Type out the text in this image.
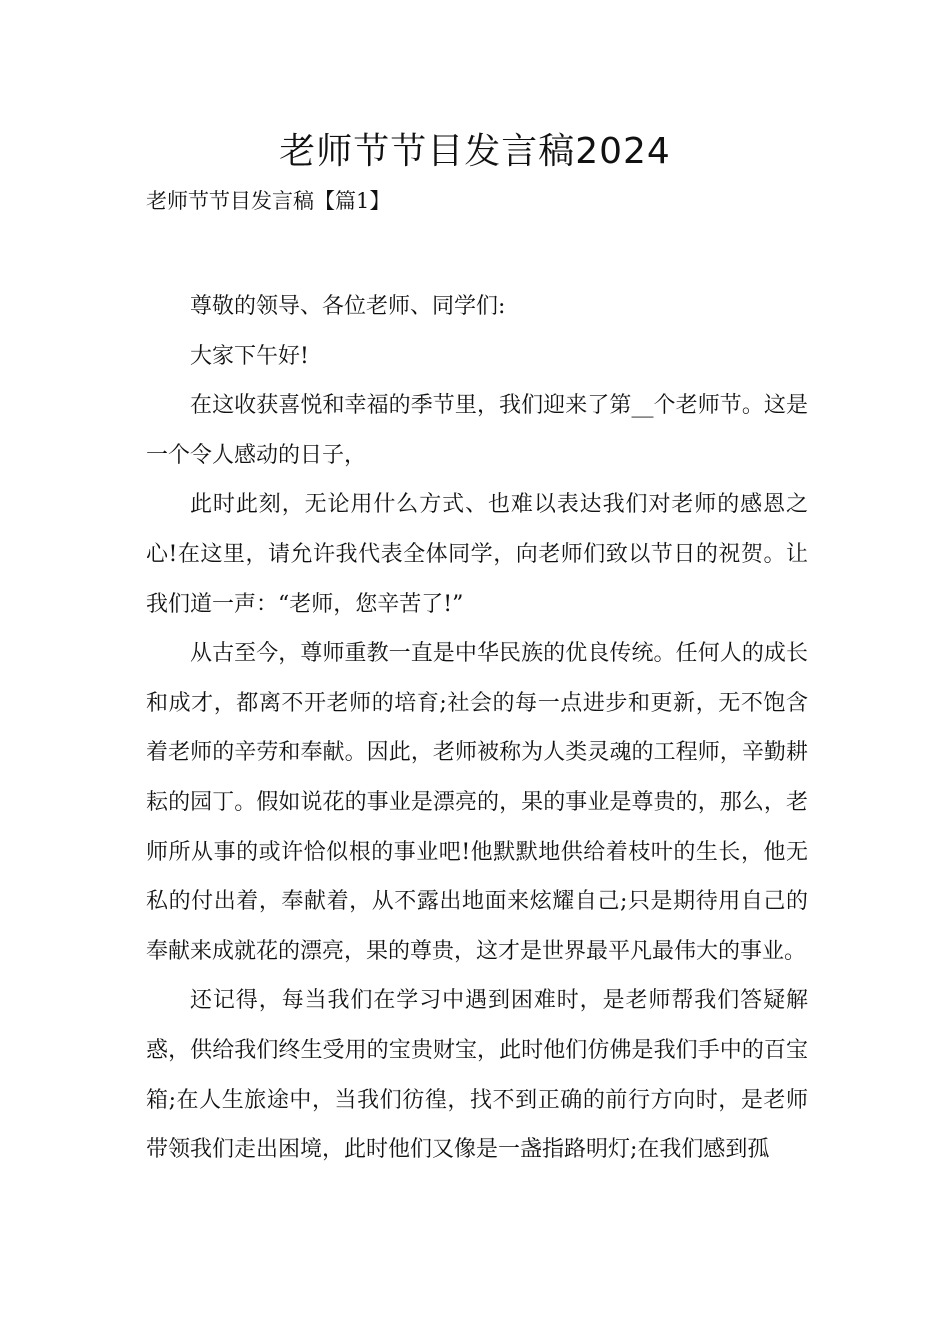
老师节节目发言稿2024
老师节节目发言稿【篇1】

尊敬的领导、各位老师、同学们:

大家下午好!

在这收获喜悦和幸福的季节里，我们迎来了第__个老师节。这是一个令人感动的日子，

此时此刻，无论用什么方式、也难以表达我们对老师的感恩之心!在这里，请允许我代表全体同学，向老师们致以节日的祝贺。让我们道一声：“老师，您辛苦了!”

从古至今，尊师重教一直是中华民族的优良传统。任何人的成长和成才，都离不开老师的培育;社会的每一点进步和更新，无不饱含着老师的辛劳和奉献。因此，老师被称为人类灵魂的工程师，辛勤耕耘的园丁。假如说花的事业是漂亮的，果的事业是尊贵的，那么，老师所从事的或许恰似根的事业吧!他默默地供给着枝叶的生长，他无私的付出着，奉献着，从不露出地面来炫耀自己;只是期待用自己的奉献来成就花的漂亮，果的尊贵，这才是世界最平凡最伟大的事业。

还记得，每当我们在学习中遇到困难时，是老师帮我们答疑解惑，供给我们终生受用的宝贵财宝，此时他们仿佛是我们手中的百宝箱;在人生旅途中，当我们彷徨，找不到正确的前行方向时，是老师带领我们走出困境，此时他们又像是一盏指路明灯;在我们感到孤
